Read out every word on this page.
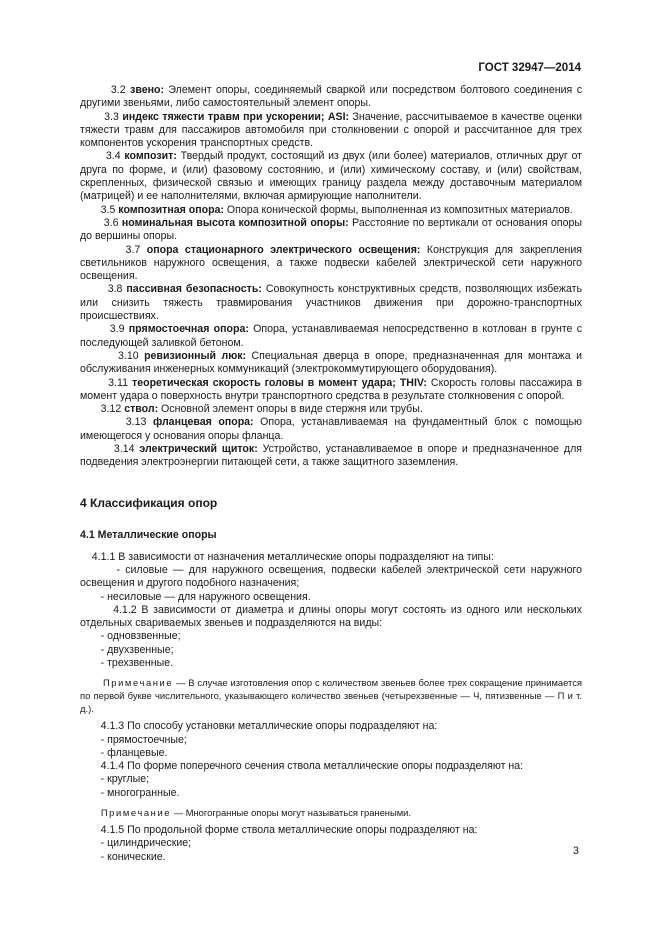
ГОСТ 32947—2014

3.2 звено: Элемент опоры, соединяемый сваркой или посредством болтового соединения с другими звеньями, либо самостоятельный элемент опоры.

3.3 индекс тяжести травм при ускорении; ASI: Значение, рассчитываемое в качестве оценки тяжести травм для пассажиров автомобиля при столкновении с опорой и рассчитанное для трех компонентов ускорения транспортных средств.

3.4 композит: Твердый продукт, состоящий из двух (или более) материалов, отличных друг от друга по форме, и (или) фазовому состоянию, и (или) химическому составу, и (или) свойствам, скрепленных, физической связью и имеющих границу раздела между доставочным материалом (матрицей) и ее наполнителями, включая армирующие наполнители.

3.5 композитная опора: Опора конической формы, выполненная из композитных материалов.

3.6 номинальная высота композитной опоры: Расстояние по вертикали от основания опоры до вершины опоры.

3.7 опора стационарного электрического освещения: Конструкция для закрепления светильников наружного освещения, а также подвески кабелей электрической сети наружного освещения.

3.8 пассивная безопасность: Совокупность конструктивных средств, позволяющих избежать или снизить тяжесть травмирования участников движения при дорожно-транспортных происшествиях.

3.9 прямостоечная опора: Опора, устанавливаемая непосредственно в котлован в грунте с последующей заливкой бетоном.

3.10 ревизионный люк: Специальная дверца в опоре, предназначенная для монтажа и обслуживания инженерных коммуникаций (электрокоммутирующего оборудования).

3.11 теоретическая скорость головы в момент удара; THIV: Скорость головы пассажира в момент удара о поверхность внутри транспортного средства в результате столкновения с опорой.

3.12 ствол: Основной элемент опоры в виде стержня или трубы.

3.13 фланцевая опора: Опора, устанавливаемая на фундаментный блок с помощью имеющегося у основания опоры фланца.

3.14 электрический щиток: Устройство, устанавливаемое в опоре и предназначенное для подведения электроэнергии питающей сети, а также защитного заземления.

4 Классификация опор
4.1 Металлические опоры

4.1.1 В зависимости от назначения металлические опоры подразделяют на типы:

- силовые — для наружного освещения, подвески кабелей электрической сети наружного освещения и другого подобного назначения;

- несиловые — для наружного освещения.

4.1.2 В зависимости от диаметра и длины опоры могут состоять из одного или нескольких отдельных свариваемых звеньев и подразделяются на виды:

- одновзвенные;

- двухзвенные;

- трехзвенные.

Примечание — В случае изготовления опор с количеством звеньев более трех сокращение принимается по первой букве числительного, указывающего количество звеньев (четырехзвенные — Ч, пятизвенные — П и т. д.).

4.1.3 По способу установки металлические опоры подразделяют на:

- прямостоечные;

- фланцевые.

4.1.4 По форме поперечного сечения ствола металлические опоры подразделяют на:

- круглые;

- многогранные.

Примечание — Многогранные опоры могут называться гранеными.

4.1.5 По продольной форме ствола металлические опоры подразделяют на:

- цилиндрические;

- конические.	3
